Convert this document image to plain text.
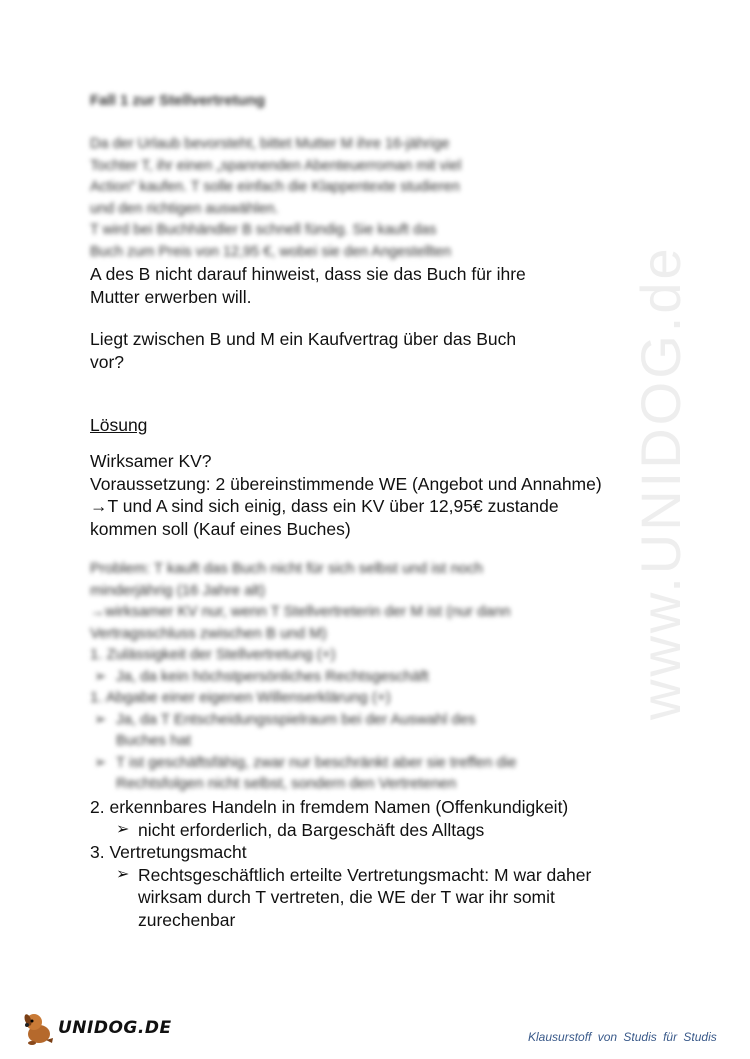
www.UNIDOG.de
Fall 1 zur Stellvertretung
Da der Urlaub bevorsteht, bittet Mutter M ihre 16-jährige
Tochter T, ihr einen „spannenden Abenteuerroman mit viel
Action" kaufen. T solle einfach die Klappentexte studieren
und den richtigen auswählen.
T wird bei Buchhändler B schnell fündig. Sie kauft das
Buch zum Preis von 12,95 €, wobei sie den Angestellten
A des B nicht darauf hinweist, dass sie das Buch für ihre
Mutter erwerben will.
Liegt zwischen B und M ein Kaufvertrag über das Buch
vor?
Lösung
Wirksamer KV?
Voraussetzung: 2 übereinstimmende WE (Angebot und Annahme)
→T und A sind sich einig, dass ein KV über 12,95€ zustande
kommen soll (Kauf eines Buches)
Problem: T kauft das Buch nicht für sich selbst und ist noch
minderjährig (16 Jahre alt)
→wirksamer KV nur, wenn T Stellvertreterin der M ist (nur dann
Vertragsschluss zwischen B und M)
1. Zulässigkeit der Stellvertretung (+)
➢ Ja, da kein höchstpersönliches Rechtsgeschäft
1. Abgabe einer eigenen Willenserklärung (+)
➢ Ja, da T Entscheidungsspielraum bei der Auswahl des
Buches hat
➢ T ist geschäftsfähig, zwar nur beschränkt aber sie treffen die
Rechtsfolgen nicht selbst, sondern den Vertretenen
2. erkennbares Handeln in fremdem Namen (Offenkundigkeit)
➢ nicht erforderlich, da Bargeschäft des Alltags
3. Vertretungsmacht
➢ Rechtsgeschäftlich erteilte Vertretungsmacht: M war daher
wirksam durch T vertreten, die WE der T war ihr somit
zurechenbar
UNIDOG.DE	Klausurstoff von Studis für Studis
